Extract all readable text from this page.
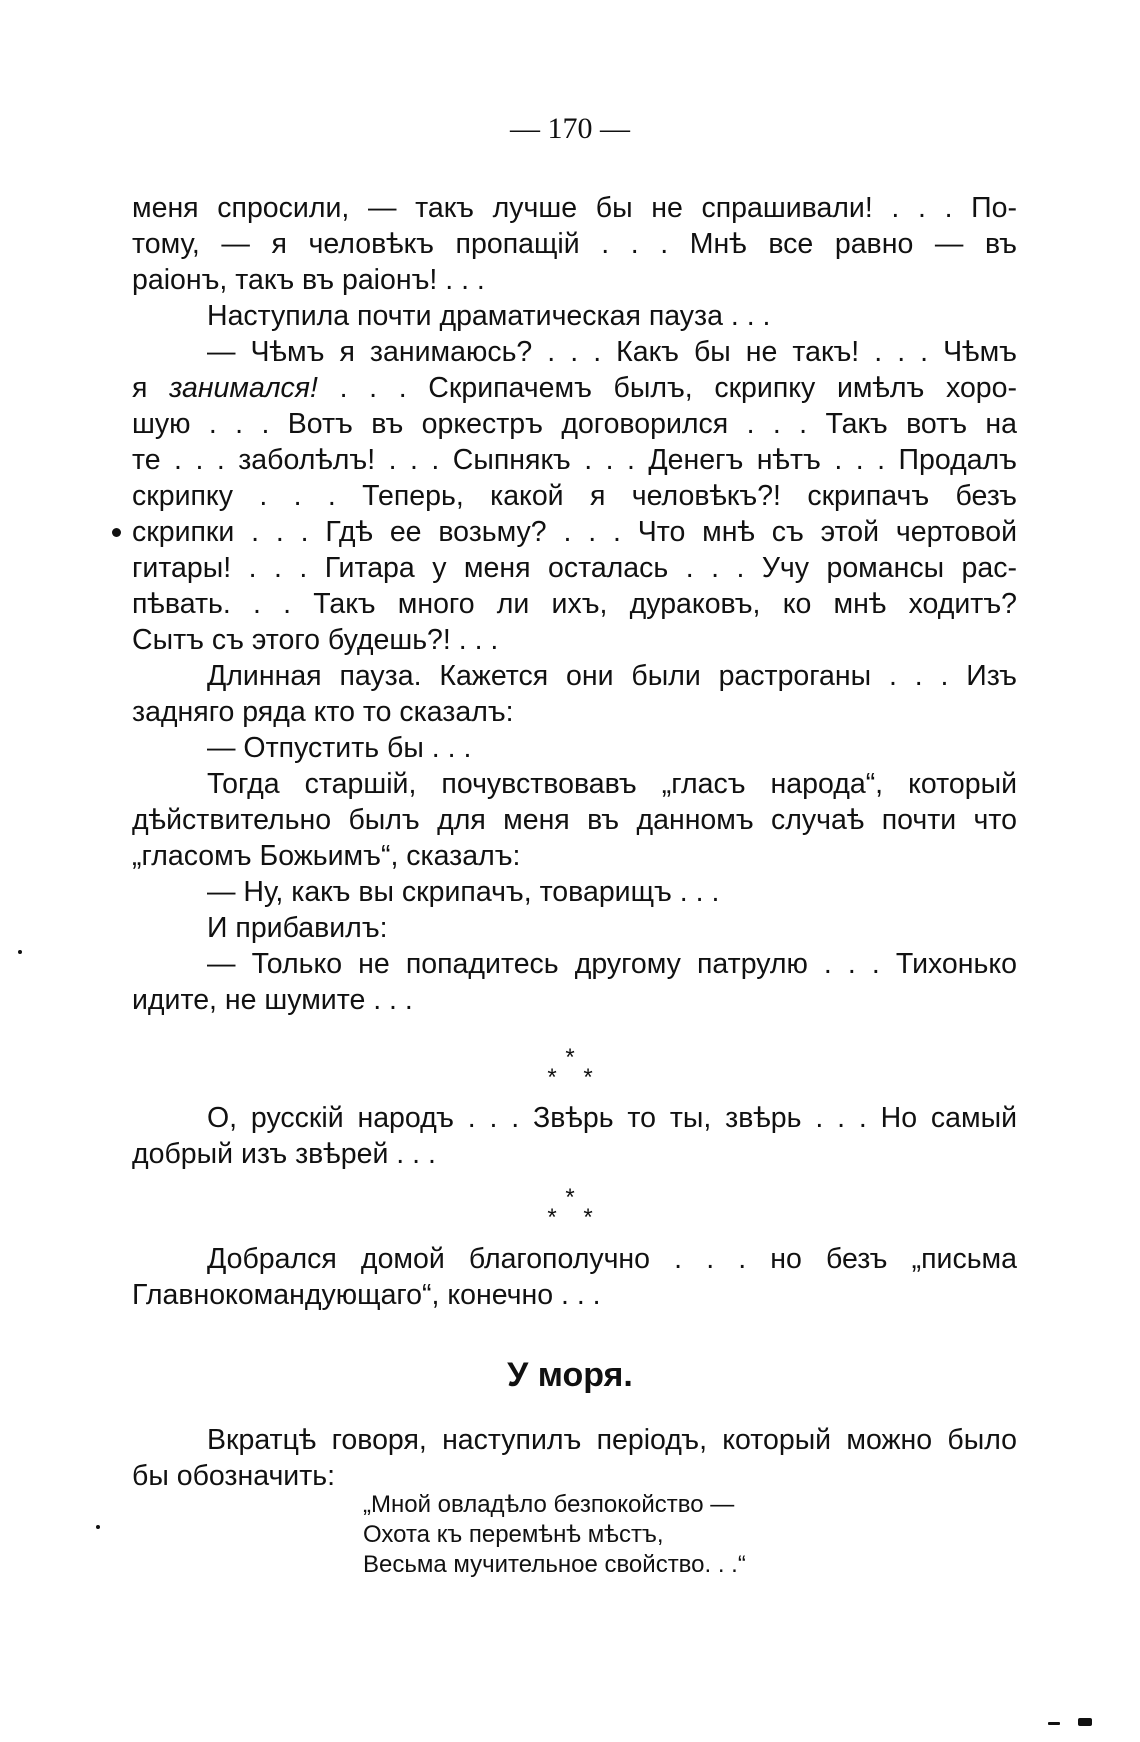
— 170 —

меня спросили, — такъ лучше бы не спрашивали! . . . По-

тому, — я человѣкъ пропащій . . . Мнѣ все равно — въ

раіонъ, такъ въ раіонъ! . . .

Наступила почти драматическая пауза . . .

— Чѣмъ я занимаюсь? . . . Какъ бы не такъ! . . . Чѣмъ

я занимался! . . . Скрипачемъ былъ, скрипку имѣлъ хоро-

шую . . . Вотъ въ оркестръ договорился . . . Такъ вотъ на

те . . . заболѣлъ! . . . Сыпнякъ . . . Денегъ нѣтъ . . . Продалъ

скрипку . . . Теперь, какой я человѣкъ?! скрипачъ безъ

скрипки . . . Гдѣ ее возьму? . . . Что мнѣ съ этой чертовой

гитары! . . . Гитара у меня осталась . . . Учу романсы рас-

пѣвать. . . Такъ много ли ихъ, дураковъ, ко мнѣ ходитъ?

Сытъ съ этого будешь?! . . .

Длинная пауза. Кажется они были растроганы . . . Изъ

задняго ряда кто то сказалъ:

— Отпустить бы . . .

Тогда старшій, почувствовавъ „гласъ народа“, который

дѣйствительно былъ для меня въ данномъ случаѣ почти что

„гласомъ Божьимъ“, сказалъ:

— Ну, какъ вы скрипачъ, товарищъ . . .

И прибавилъ:

— Только не попадитесь другому патрулю . . . Тихонько

идите, не шумите . . .

*
* *

О, русскій народъ . . . Звѣрь то ты, звѣрь . . . Но самый

добрый изъ звѣрей . . .

*
* *

Добрался домой благополучно . . . но безъ „письма

Главнокомандующаго“, конечно . . .

У моря.

Вкратцѣ говоря, наступилъ періодъ, который можно было

бы обозначить:

„Мной овладѣло безпокойство —

Охота къ перемѣнѣ мѣстъ,

Весьма мучительное свойство. . .“
